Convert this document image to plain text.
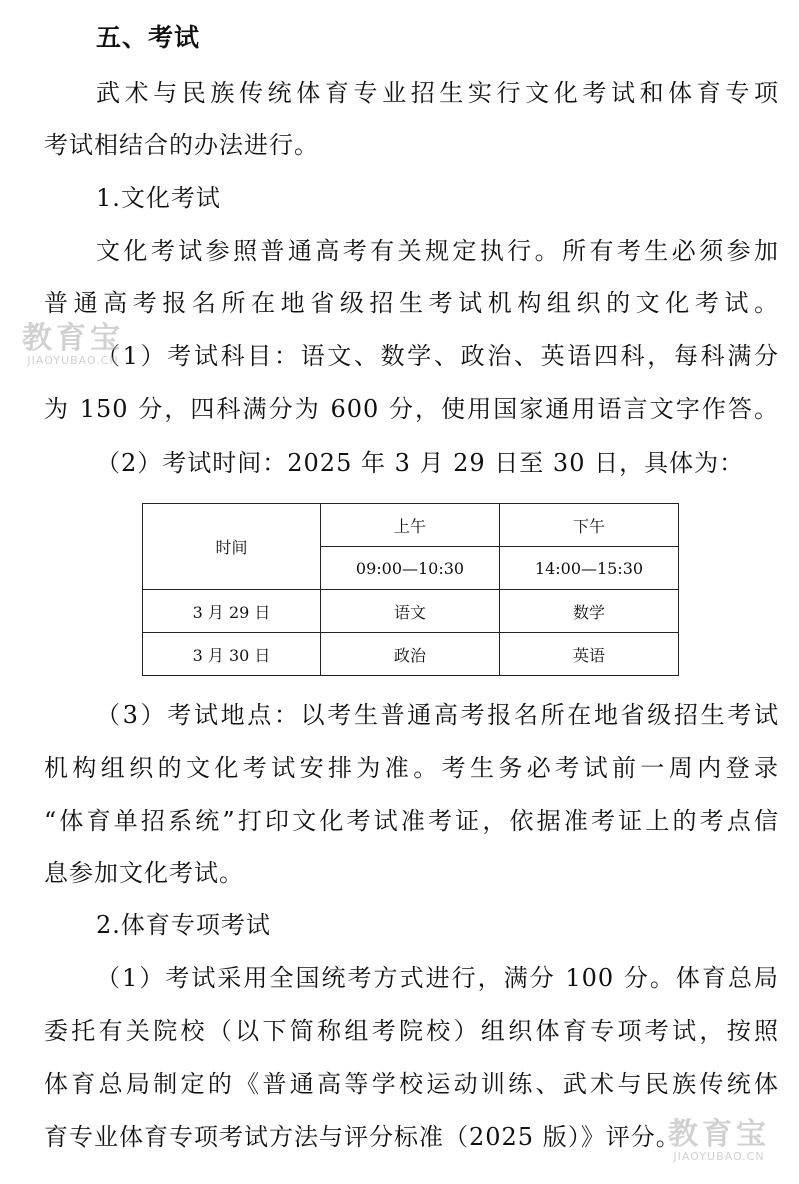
五、考试
武术与民族传统体育专业招生实行文化考试和体育专项
考试相结合的办法进行。
1.文化考试
文化考试参照普通高考有关规定执行。所有考生必须参加
普通高考报名所在地省级招生考试机构组织的文化考试。
（1）考试科目：语文、数学、政治、英语四科，每科满分
为 150 分，四科满分为 600 分，使用国家通用语言文字作答。
（2）考试时间：2025 年 3 月 29 日至 30 日，具体为：
时间	上午	下午
	09:00—10:30	14:00—15:30
3 月 29 日	语文	数学
3 月 30 日	政治	英语
（3）考试地点：以考生普通高考报名所在地省级招生考试
机构组织的文化考试安排为准。考生务必考试前一周内登录
“体育单招系统”打印文化考试准考证，依据准考证上的考点信
息参加文化考试。
2.体育专项考试
（1）考试采用全国统考方式进行，满分 100 分。体育总局
委托有关院校（以下简称组考院校）组织体育专项考试，按照
体育总局制定的《普通高等学校运动训练、武术与民族传统体
育专业体育专项考试方法与评分标准（2025 版）》评分。
教育宝
JIAOYUBAO.CN
教育宝
JIAOYUBAO.CN
